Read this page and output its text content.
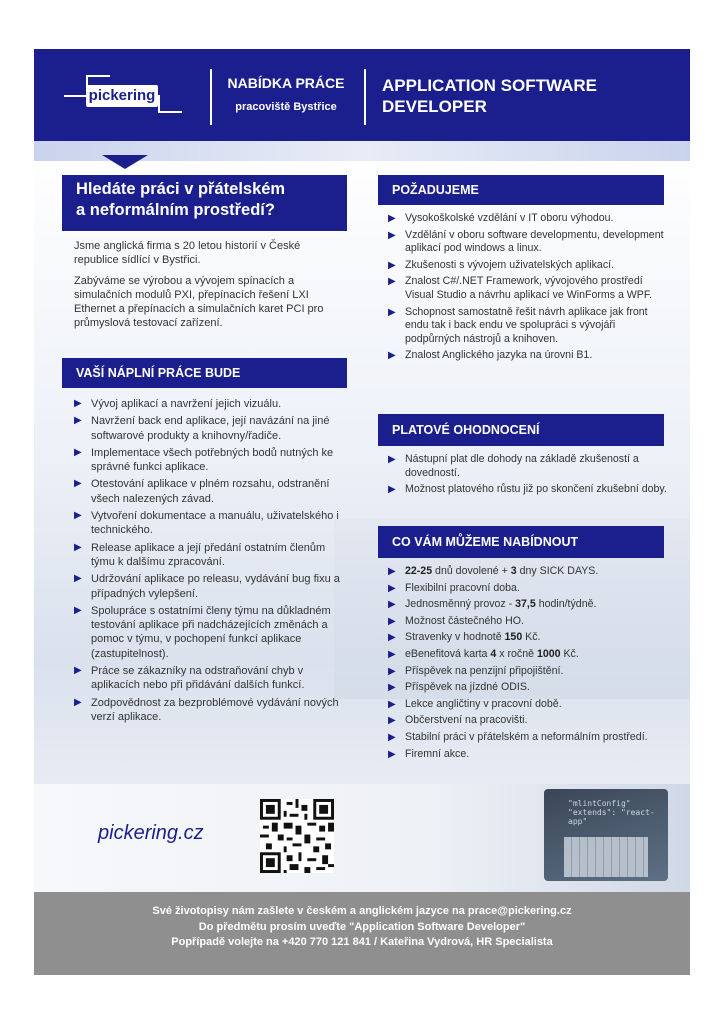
pickering
NABÍDKA PRÁCE
pracoviště Bystřice
APPLICATION SOFTWARE
DEVELOPER
Hledáte práci v přátelském
a neformálním prostředí?

Jsme anglická firma s 20 letou historií v České republice sídlící v Bystřici.

Zabýváme se výrobou a vývojem spínacích a simulačních modulů PXI, přepínacích řešení LXI Ethernet a přepínacích a simulačních karet PCI pro průmyslová testovací zařízení.

VAŠÍ NÁPLNÍ PRÁCE BUDE
▶ Vývoj aplikací a navržení jejich vizuálu.
▶ Navržení back end aplikace, její navázání na jiné softwarové produkty a knihovny/řadiče.
▶ Implementace všech potřebných bodů nutných ke správné funkci aplikace.
▶ Otestování aplikace v plném rozsahu, odstranění všech nalezených závad.
▶ Vytvoření dokumentace a manuálu, uživatelského i technického.
▶ Release aplikace a její předání ostatním členům týmu k dalšímu zpracování.
▶ Udržování aplikace po releasu, vydávání bug fixu a případných vylepšení.
▶ Spolupráce s ostatními členy týmu na důkladném testování aplikace při nadcházejících změnách a pomoc v týmu, v pochopení funkcí aplikace (zastupitelnost).
▶ Práce se zákazníky na odstraňování chyb v aplikacích nebo při přidávání dalších funkcí.
▶ Zodpovědnost za bezproblémové vydávání nových verzí aplikace.
POŽADUJEME
▶ Vysokoškolské vzdělání v IT oboru výhodou.
▶ Vzdělání v oboru software developmentu, development aplikací pod windows a linux.
▶ Zkušenosti s vývojem uživatelských aplikací.
▶ Znalost C#/.NET Framework, vývojového prostředí Visual Studio a návrhu aplikací ve WinForms a WPF.
▶ Schopnost samostatně řešit návrh aplikace jak front endu tak i back endu ve spolupráci s vývojáři podpůrných nástrojů a knihoven.
▶ Znalost Anglického jazyka na úrovni B1.
PLATOVÉ OHODNOCENÍ
▶ Nástupní plat dle dohody na základě zkušeností a dovedností.
▶ Možnost platového růstu již po skončení zkušební doby.
CO VÁM MŮŽEME NABÍDNOUT
▶ 22-25 dnů dovolené + 3 dny SICK DAYS.
▶ Flexibilní pracovní doba.
▶ Jednosměnný provoz - 37,5 hodin/týdně.
▶ Možnost částečného HO.
▶ Stravenky v hodnotě 150 Kč.
▶ eBenefitová karta 4 x ročně 1000 Kč.
▶ Příspěvek na penzijní připojištění.
▶ Příspěvek na jízdné ODIS.
▶ Lekce angličtiny v pracovní době.
▶ Občerstvení na pracovišti.
▶ Stabilní práci v přátelském a neformálním prostředí.
▶ Firemní akce.
"mlintConfig" "extends": "react-app"
pickering.cz
Své životopisy nám zašlete v českém a anglickém jazyce na prace@pickering.cz
Do předmětu prosím uveďte "Application Software Developer"
Popřípadě volejte na +420 770 121 841 / Kateřina Vydrová, HR Specialista
